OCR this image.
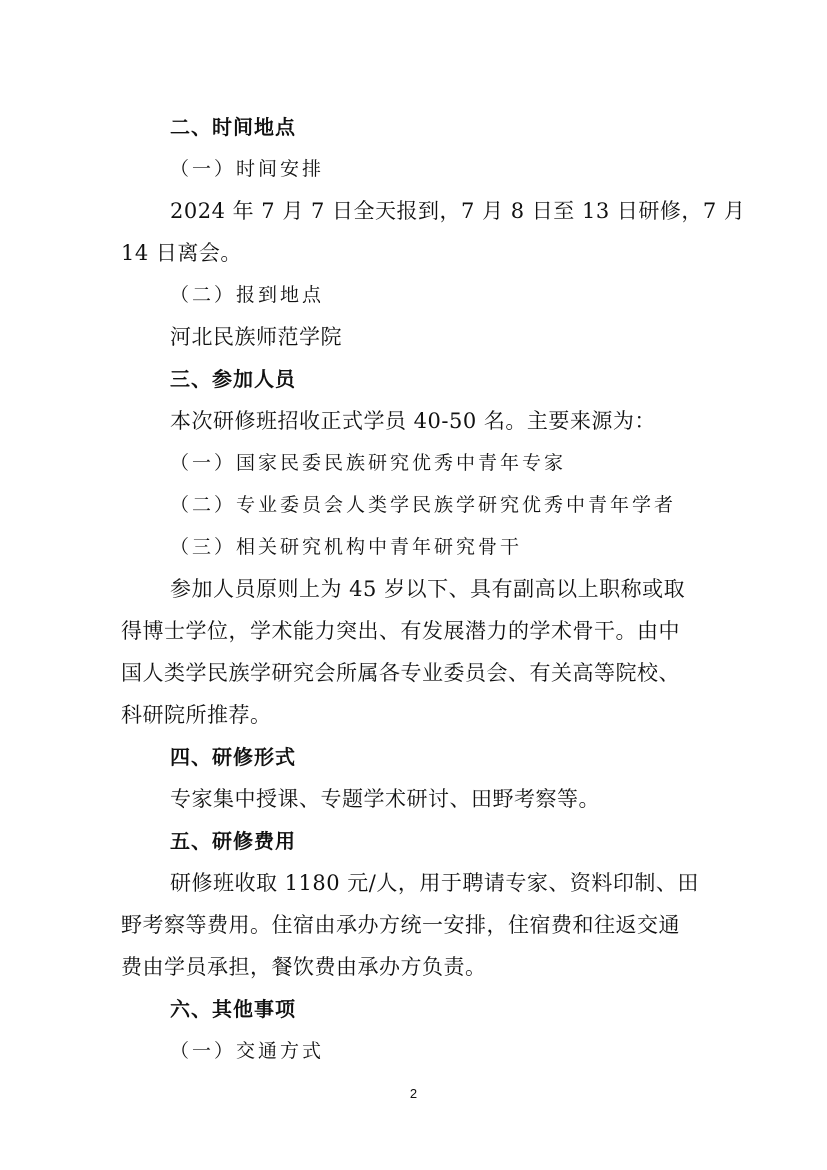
二、时间地点
（一）时间安排
2024 年 7 月 7 日全天报到，7 月 8 日至 13 日研修，7 月
14 日离会。
（二）报到地点
河北民族师范学院
三、参加人员
本次研修班招收正式学员 40-50 名。主要来源为：
（一）国家民委民族研究优秀中青年专家
（二）专业委员会人类学民族学研究优秀中青年学者
（三）相关研究机构中青年研究骨干
参加人员原则上为 45 岁以下、具有副高以上职称或取
得博士学位，学术能力突出、有发展潜力的学术骨干。由中
国人类学民族学研究会所属各专业委员会、有关高等院校、
科研院所推荐。
四、研修形式
专家集中授课、专题学术研讨、田野考察等。
五、研修费用
研修班收取 1180 元/人，用于聘请专家、资料印制、田
野考察等费用。住宿由承办方统一安排，住宿费和往返交通
费由学员承担，餐饮费由承办方负责。
六、其他事项
（一）交通方式
2
